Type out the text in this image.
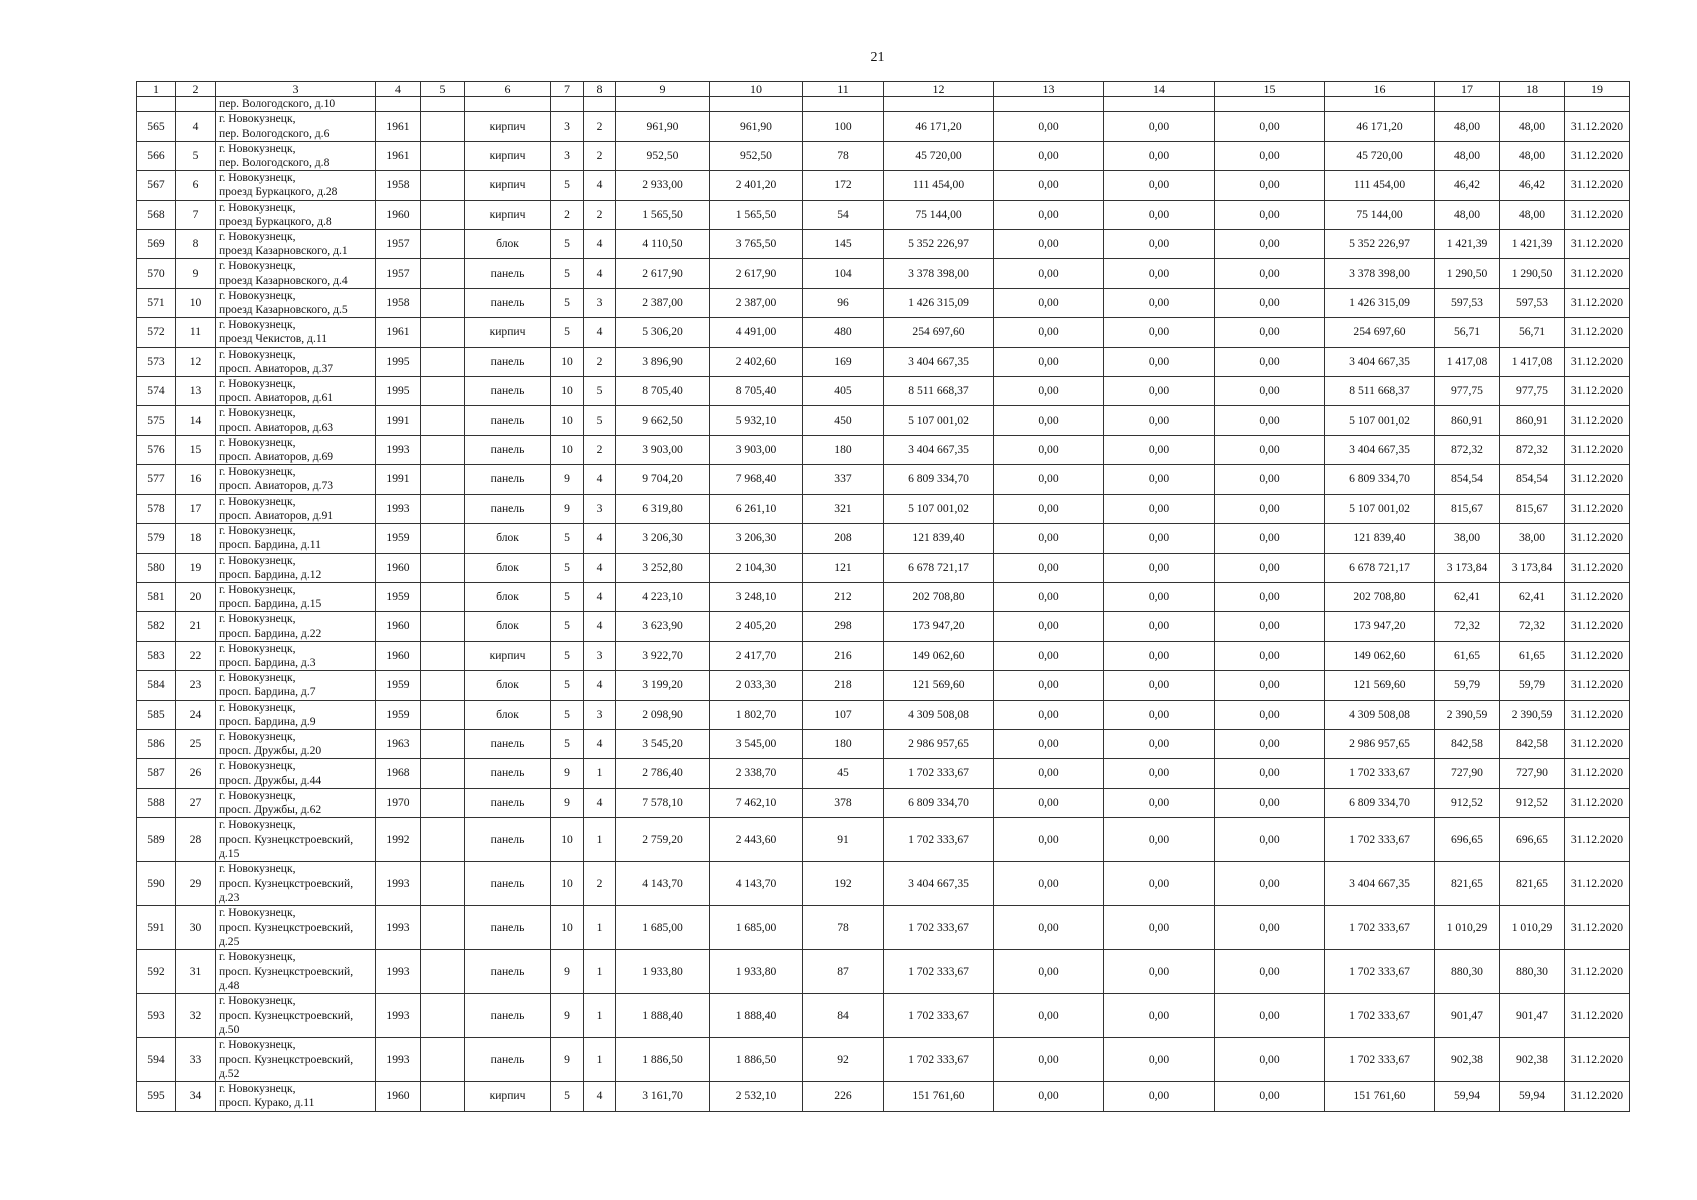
21
1	2	3	4	5	6	7	8	9	10	11	12	13	14	15	16	17	18	19
		пер. Вологодского, д.10																
565	4	г. Новокузнецк,
пер. Вологодского, д.6	1961		кирпич	3	2	961,90	961,90	100	46 171,20	0,00	0,00	0,00	46 171,20	48,00	48,00	31.12.2020
566	5	г. Новокузнецк,
пер. Вологодского, д.8	1961		кирпич	3	2	952,50	952,50	78	45 720,00	0,00	0,00	0,00	45 720,00	48,00	48,00	31.12.2020
567	6	г. Новокузнецк,
проезд Буркацкого, д.28	1958		кирпич	5	4	2 933,00	2 401,20	172	111 454,00	0,00	0,00	0,00	111 454,00	46,42	46,42	31.12.2020
568	7	г. Новокузнецк,
проезд Буркацкого, д.8	1960		кирпич	2	2	1 565,50	1 565,50	54	75 144,00	0,00	0,00	0,00	75 144,00	48,00	48,00	31.12.2020
569	8	г. Новокузнецк,
проезд Казарновского, д.1	1957		блок	5	4	4 110,50	3 765,50	145	5 352 226,97	0,00	0,00	0,00	5 352 226,97	1 421,39	1 421,39	31.12.2020
570	9	г. Новокузнецк,
проезд Казарновского, д.4	1957		панель	5	4	2 617,90	2 617,90	104	3 378 398,00	0,00	0,00	0,00	3 378 398,00	1 290,50	1 290,50	31.12.2020
571	10	г. Новокузнецк,
проезд Казарновского, д.5	1958		панель	5	3	2 387,00	2 387,00	96	1 426 315,09	0,00	0,00	0,00	1 426 315,09	597,53	597,53	31.12.2020
572	11	г. Новокузнецк,
проезд Чекистов, д.11	1961		кирпич	5	4	5 306,20	4 491,00	480	254 697,60	0,00	0,00	0,00	254 697,60	56,71	56,71	31.12.2020
573	12	г. Новокузнецк,
просп. Авиаторов, д.37	1995		панель	10	2	3 896,90	2 402,60	169	3 404 667,35	0,00	0,00	0,00	3 404 667,35	1 417,08	1 417,08	31.12.2020
574	13	г. Новокузнецк,
просп. Авиаторов, д.61	1995		панель	10	5	8 705,40	8 705,40	405	8 511 668,37	0,00	0,00	0,00	8 511 668,37	977,75	977,75	31.12.2020
575	14	г. Новокузнецк,
просп. Авиаторов, д.63	1991		панель	10	5	9 662,50	5 932,10	450	5 107 001,02	0,00	0,00	0,00	5 107 001,02	860,91	860,91	31.12.2020
576	15	г. Новокузнецк,
просп. Авиаторов, д.69	1993		панель	10	2	3 903,00	3 903,00	180	3 404 667,35	0,00	0,00	0,00	3 404 667,35	872,32	872,32	31.12.2020
577	16	г. Новокузнецк,
просп. Авиаторов, д.73	1991		панель	9	4	9 704,20	7 968,40	337	6 809 334,70	0,00	0,00	0,00	6 809 334,70	854,54	854,54	31.12.2020
578	17	г. Новокузнецк,
просп. Авиаторов, д.91	1993		панель	9	3	6 319,80	6 261,10	321	5 107 001,02	0,00	0,00	0,00	5 107 001,02	815,67	815,67	31.12.2020
579	18	г. Новокузнецк,
просп. Бардина, д.11	1959		блок	5	4	3 206,30	3 206,30	208	121 839,40	0,00	0,00	0,00	121 839,40	38,00	38,00	31.12.2020
580	19	г. Новокузнецк,
просп. Бардина, д.12	1960		блок	5	4	3 252,80	2 104,30	121	6 678 721,17	0,00	0,00	0,00	6 678 721,17	3 173,84	3 173,84	31.12.2020
581	20	г. Новокузнецк,
просп. Бардина, д.15	1959		блок	5	4	4 223,10	3 248,10	212	202 708,80	0,00	0,00	0,00	202 708,80	62,41	62,41	31.12.2020
582	21	г. Новокузнецк,
просп. Бардина, д.22	1960		блок	5	4	3 623,90	2 405,20	298	173 947,20	0,00	0,00	0,00	173 947,20	72,32	72,32	31.12.2020
583	22	г. Новокузнецк,
просп. Бардина, д.3	1960		кирпич	5	3	3 922,70	2 417,70	216	149 062,60	0,00	0,00	0,00	149 062,60	61,65	61,65	31.12.2020
584	23	г. Новокузнецк,
просп. Бардина, д.7	1959		блок	5	4	3 199,20	2 033,30	218	121 569,60	0,00	0,00	0,00	121 569,60	59,79	59,79	31.12.2020
585	24	г. Новокузнецк,
просп. Бардина, д.9	1959		блок	5	3	2 098,90	1 802,70	107	4 309 508,08	0,00	0,00	0,00	4 309 508,08	2 390,59	2 390,59	31.12.2020
586	25	г. Новокузнецк,
просп. Дружбы, д.20	1963		панель	5	4	3 545,20	3 545,00	180	2 986 957,65	0,00	0,00	0,00	2 986 957,65	842,58	842,58	31.12.2020
587	26	г. Новокузнецк,
просп. Дружбы, д.44	1968		панель	9	1	2 786,40	2 338,70	45	1 702 333,67	0,00	0,00	0,00	1 702 333,67	727,90	727,90	31.12.2020
588	27	г. Новокузнецк,
просп. Дружбы, д.62	1970		панель	9	4	7 578,10	7 462,10	378	6 809 334,70	0,00	0,00	0,00	6 809 334,70	912,52	912,52	31.12.2020
589	28	г. Новокузнецк,
просп. Кузнецкстроевский,
д.15	1992		панель	10	1	2 759,20	2 443,60	91	1 702 333,67	0,00	0,00	0,00	1 702 333,67	696,65	696,65	31.12.2020
590	29	г. Новокузнецк,
просп. Кузнецкстроевский,
д.23	1993		панель	10	2	4 143,70	4 143,70	192	3 404 667,35	0,00	0,00	0,00	3 404 667,35	821,65	821,65	31.12.2020
591	30	г. Новокузнецк,
просп. Кузнецкстроевский,
д.25	1993		панель	10	1	1 685,00	1 685,00	78	1 702 333,67	0,00	0,00	0,00	1 702 333,67	1 010,29	1 010,29	31.12.2020
592	31	г. Новокузнецк,
просп. Кузнецкстроевский,
д.48	1993		панель	9	1	1 933,80	1 933,80	87	1 702 333,67	0,00	0,00	0,00	1 702 333,67	880,30	880,30	31.12.2020
593	32	г. Новокузнецк,
просп. Кузнецкстроевский,
д.50	1993		панель	9	1	1 888,40	1 888,40	84	1 702 333,67	0,00	0,00	0,00	1 702 333,67	901,47	901,47	31.12.2020
594	33	г. Новокузнецк,
просп. Кузнецкстроевский,
д.52	1993		панель	9	1	1 886,50	1 886,50	92	1 702 333,67	0,00	0,00	0,00	1 702 333,67	902,38	902,38	31.12.2020
595	34	г. Новокузнецк,
просп. Курако, д.11	1960		кирпич	5	4	3 161,70	2 532,10	226	151 761,60	0,00	0,00	0,00	151 761,60	59,94	59,94	31.12.2020
